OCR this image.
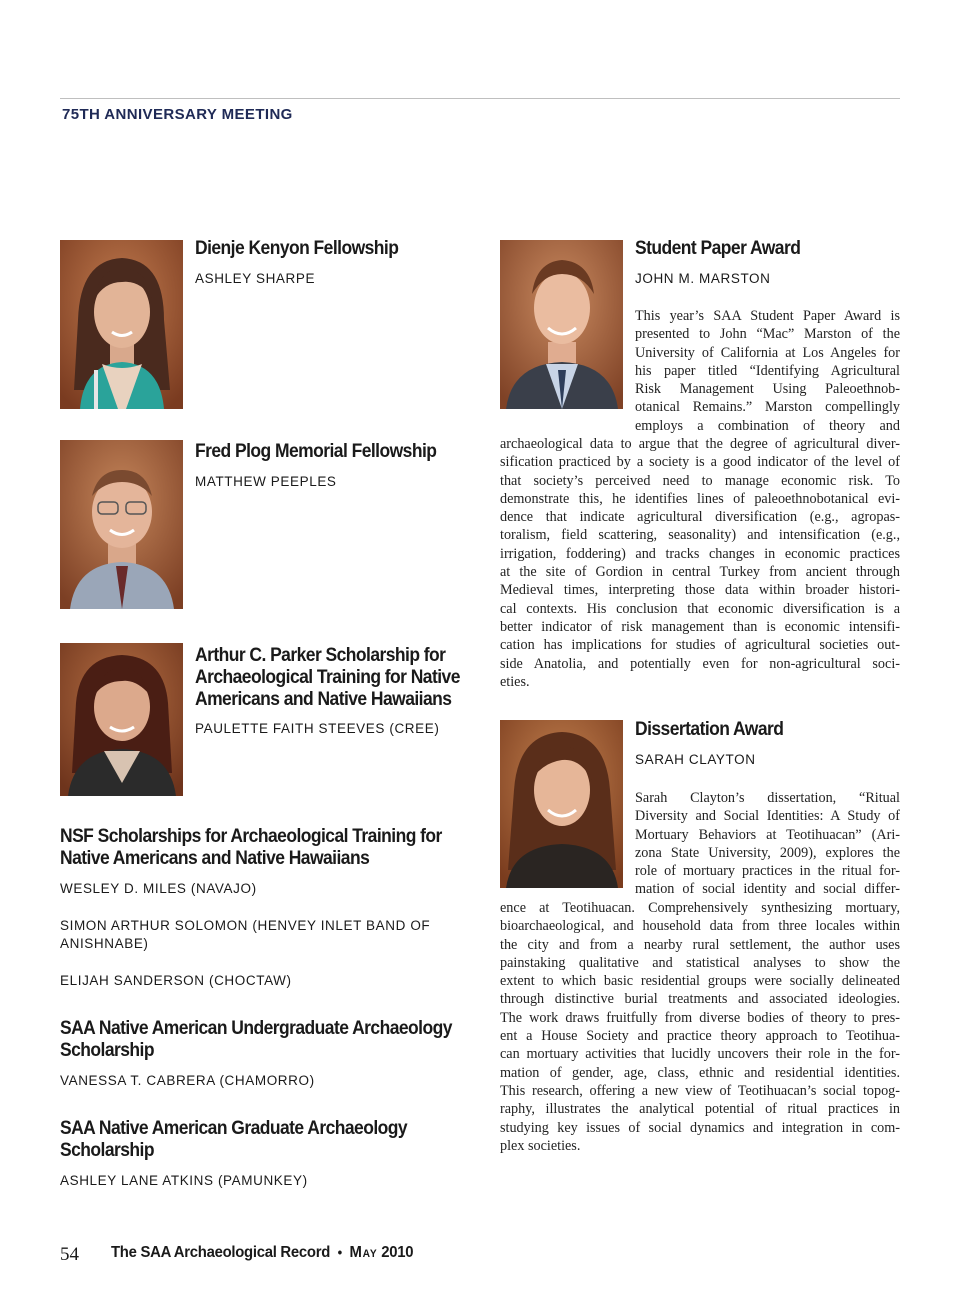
75TH ANNIVERSARY MEETING
Dienje Kenyon Fellowship

ASHLEY SHARPE

Fred Plog Memorial Fellowship

MATTHEW PEEPLES

Arthur C. Parker Scholarship for
Archaeological Training for Native
Americans and Native Hawaiians

PAULETTE FAITH STEEVES (CREE)

NSF Scholarships for Archaeological Training for
Native Americans and Native Hawaiians

WESLEY D. MILES (NAVAJO)

SIMON ARTHUR SOLOMON (HENVEY INLET BAND OF

ANISHNABE)

ELIJAH SANDERSON (CHOCTAW)

SAA Native American Undergraduate Archaeology
Scholarship

VANESSA T. CABRERA (CHAMORRO)

SAA Native American Graduate Archaeology
Scholarship

ASHLEY LANE ATKINS (PAMUNKEY)

Student Paper Award

JOHN M. MARSTON

This year’s SAA Student Paper Award is
presented to John “Mac” Marston of the
University of California at Los Angeles for
his paper titled “Identifying Agricultural
Risk Management Using Paleoethnob-
otanical Remains.” Marston compellingly
employs a combination of theory and
archaeological data to argue that the degree of agricultural diver-
sification practiced by a society is a good indicator of the level of
that society’s perceived need to manage economic risk. To
demonstrate this, he identifies lines of paleoethnobotanical evi-
dence that indicate agricultural diversification (e.g., agropas-
toralism, field scattering, seasonality) and intensification (e.g.,
irrigation, foddering) and tracks changes in economic practices
at the site of Gordion in central Turkey from ancient through
Medieval times, interpreting those data within broader histori-
cal contexts. His conclusion that economic diversification is a
better indicator of risk management than is economic intensifi-
cation has implications for studies of agricultural societies out-
side Anatolia, and potentially even for non-agricultural soci-
eties.
Dissertation Award

SARAH CLAYTON

Sarah Clayton’s dissertation, “Ritual
Diversity and Social Identities: A Study of
Mortuary Behaviors at Teotihuacan” (Ari-
zona State University, 2009), explores the
role of mortuary practices in the ritual for-
mation of social identity and social differ-
ence at Teotihuacan. Comprehensively synthesizing mortuary,
bioarchaeological, and household data from three locales within
the city and from a nearby rural settlement, the author uses
painstaking qualitative and statistical analyses to show the
extent to which basic residential groups were socially delineated
through distinctive burial treatments and associated ideologies.
The work draws fruitfully from diverse bodies of theory to pres-
ent a House Society and practice theory approach to Teotihua-
can mortuary activities that lucidly uncovers their role in the for-
mation of gender, age, class, ethnic and residential identities.
This research, offering a new view of Teotihuacan’s social topog-
raphy, illustrates the analytical potential of ritual practices in
studying key issues of social dynamics and integration in com-
plex societies.
54 The SAA Archaeological Record • May 2010
